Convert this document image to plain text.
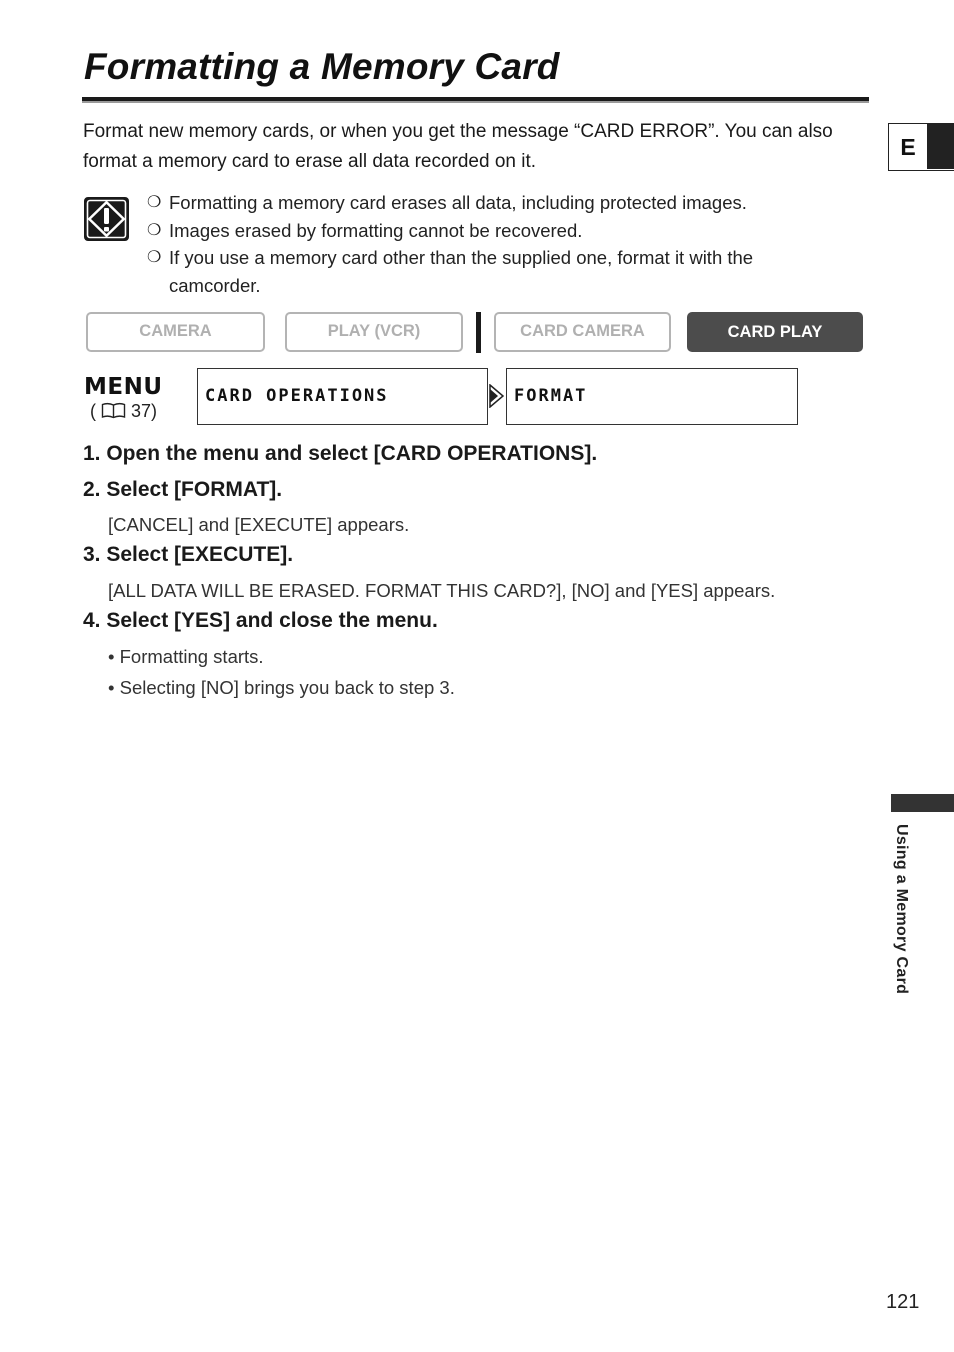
Formatting a Memory Card
E

Format new memory cards, or when you get the message “CARD ERROR”. You can also format a memory card to erase all data recorded on it.

❍ Formatting a memory card erases all data, including protected images.
❍ Images erased by formatting cannot be recovered.
❍ If you use a memory card other than the supplied one, format it with the camcorder.
CAMERA	PLAY (VCR)	CARD CAMERA	CARD PLAY
MENU
( 37)
CARD OPERATIONS	FORMAT
1. Open the menu and select [CARD OPERATIONS].
2. Select [FORMAT].
[CANCEL] and [EXECUTE] appears.
3. Select [EXECUTE].
[ALL DATA WILL BE ERASED. FORMAT THIS CARD?], [NO] and [YES] appears.
4. Select [YES] and close the menu.
• Formatting starts.
• Selecting [NO] brings you back to step 3.
Using a Memory Card
121
